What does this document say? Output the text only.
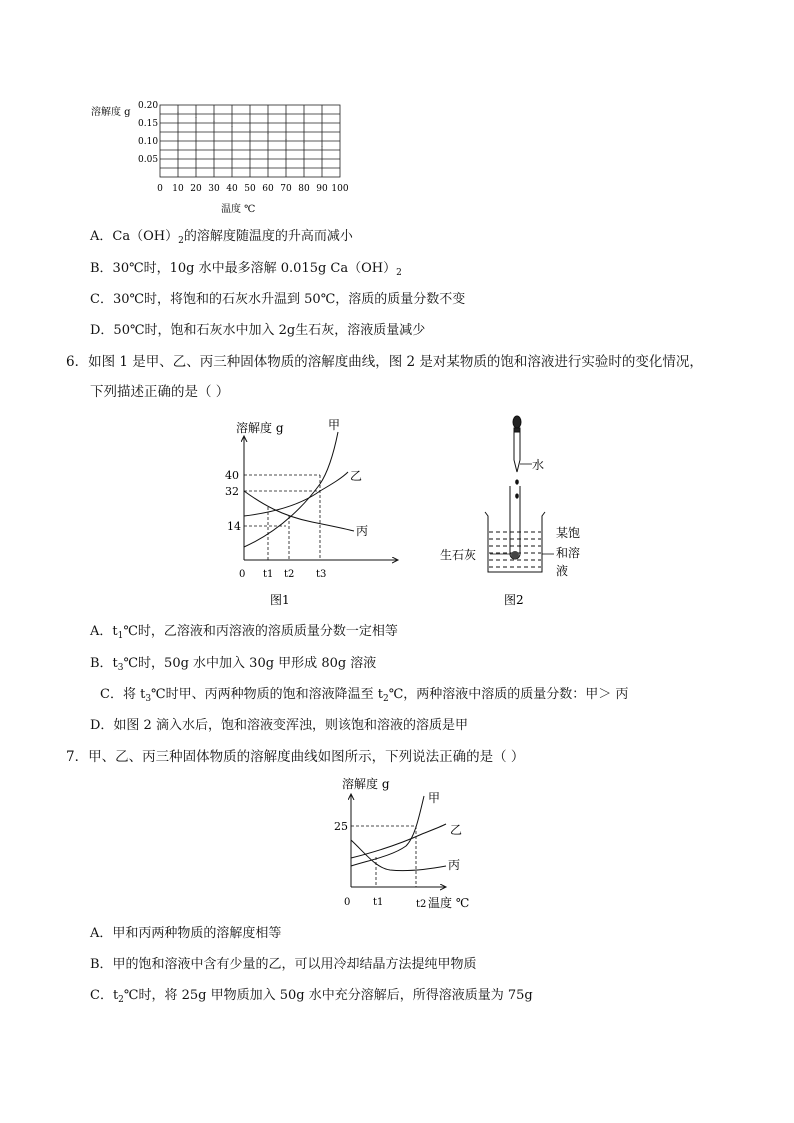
溶解度 g
0.20
0.15
0.10
0.05
0 10 20 30 40 50 60 70 80 90 100
温度 ℃
A．$Ca(OH)_2$的溶解度随温度的升高而减小
B．30℃时，10g 水中最多溶解 0.015g $Ca(OH)_2$
C．30℃时，将饱和的石灰水升温到 50℃，溶质的质量分数不变
D．50℃时，饱和石灰水中加入 2g生石灰，溶液质量减少
6．如图 1 是甲、乙、丙三种固体物质的溶解度曲线，图 2 是对某物质的饱和溶液进行实验时的变化情况，
下列描述正确的是（ ）
溶解度 g	甲
乙
丙
40
32
14
0 t1 t2 t3
图1
水
生石灰
某饱
和溶
液
图2
A．$t_1℃$时，乙溶液和丙溶液的溶质质量分数一定相等
B．$t_3℃$时，50g 水中加入 30g 甲形成 80g 溶液
C．将 $t_3℃$时甲、丙两种物质的饱和溶液降温至 $t_2℃$，两种溶液中溶质的质量分数：甲＞ 丙
D．如图 2 滴入水后，饱和溶液变浑浊，则该饱和溶液的溶质是甲
7．甲、乙、丙三种固体物质的溶解度曲线如图所示，下列说法正确的是（ ）
溶解度 g
甲
乙
丙
25
0 t1	t2 温度 ℃
A．甲和丙两种物质的溶解度相等
B．甲的饱和溶液中含有少量的乙，可以用冷却结晶方法提纯甲物质
C．$t_2℃$时，将 25g 甲物质加入 50g 水中充分溶解后，所得溶液质量为 75g
